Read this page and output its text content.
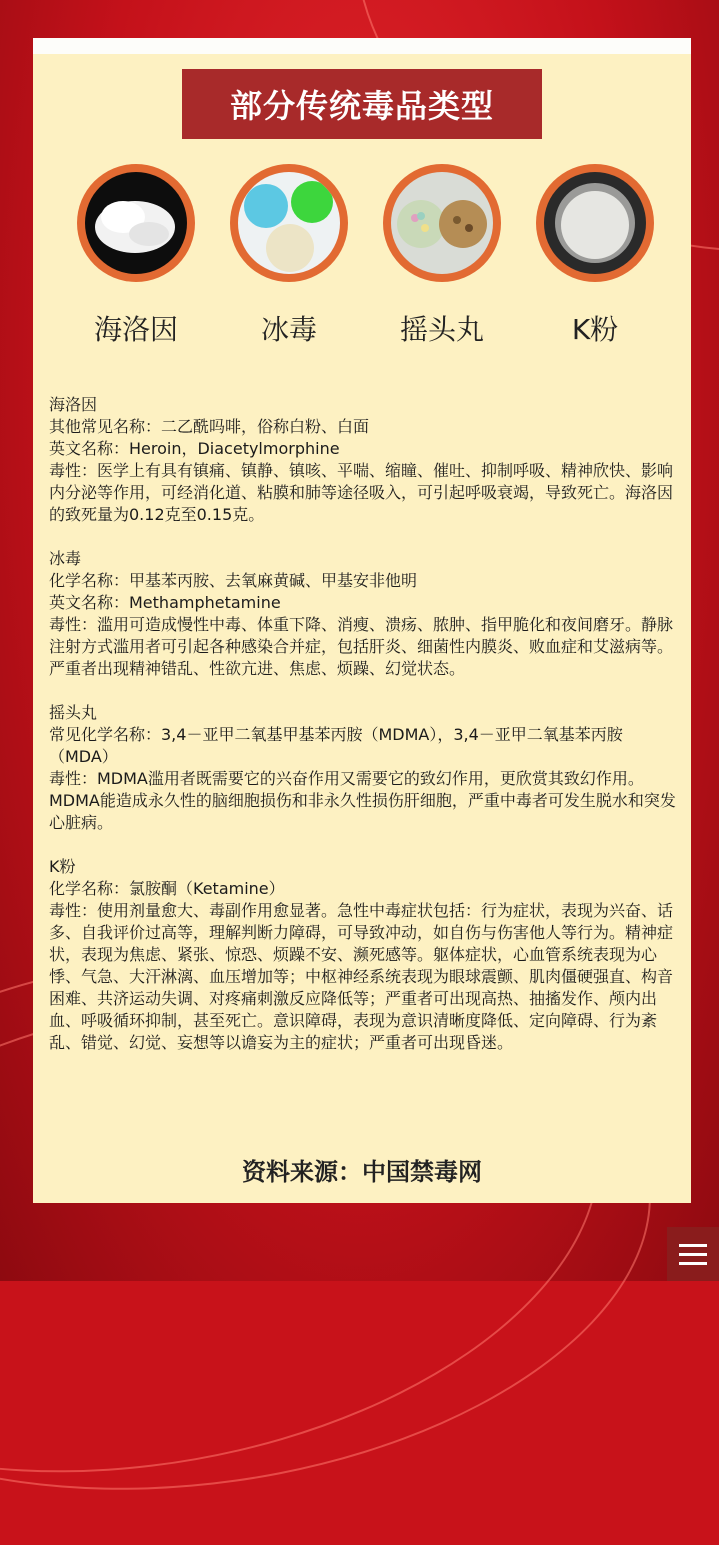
部分传统毒品类型
海洛因	冰毒	摇头丸	K粉

海洛因

其他常见名称：二乙酰吗啡，俗称白粉、白面

英文名称：Heroin，Diacetylmorphine

毒性：医学上有具有镇痛、镇静、镇咳、平喘、缩瞳、催吐、抑制呼吸、精神欣快、影响内分泌等作用，可经消化道、粘膜和肺等途径吸入，可引起呼吸衰竭，导致死亡。海洛因的致死量为0.12克至0.15克。

冰毒

化学名称：甲基苯丙胺、去氧麻黄碱、甲基安非他明

英文名称：Methamphetamine

毒性：滥用可造成慢性中毒、体重下降、消瘦、溃疡、脓肿、指甲脆化和夜间磨牙。静脉注射方式滥用者可引起各种感染合并症，包括肝炎、细菌性内膜炎、败血症和艾滋病等。严重者出现精神错乱、性欲亢进、焦虑、烦躁、幻觉状态。

摇头丸

常见化学名称：3,4－亚甲二氧基甲基苯丙胺（MDMA），3,4－亚甲二氧基苯丙胺（MDA）

毒性：MDMA滥用者既需要它的兴奋作用又需要它的致幻作用，更欣赏其致幻作用。MDMA能造成永久性的脑细胞损伤和非永久性损伤肝细胞，严重中毒者可发生脱水和突发心脏病。

K粉

化学名称：氯胺酮（Ketamine）

毒性：使用剂量愈大、毒副作用愈显著。急性中毒症状包括：行为症状，表现为兴奋、话多、自我评价过高等，理解判断力障碍，可导致冲动，如自伤与伤害他人等行为。精神症状，表现为焦虑、紧张、惊恐、烦躁不安、濒死感等。躯体症状，心血管系统表现为心悸、气急、大汗淋漓、血压增加等；中枢神经系统表现为眼球震颤、肌肉僵硬强直、构音困难、共济运动失调、对疼痛刺激反应降低等；严重者可出现高热、抽搐发作、颅内出血、呼吸循环抑制，甚至死亡。意识障碍，表现为意识清晰度降低、定向障碍、行为紊乱、错觉、幻觉、妄想等以谵妄为主的症状；严重者可出现昏迷。

资料来源：中国禁毒网
